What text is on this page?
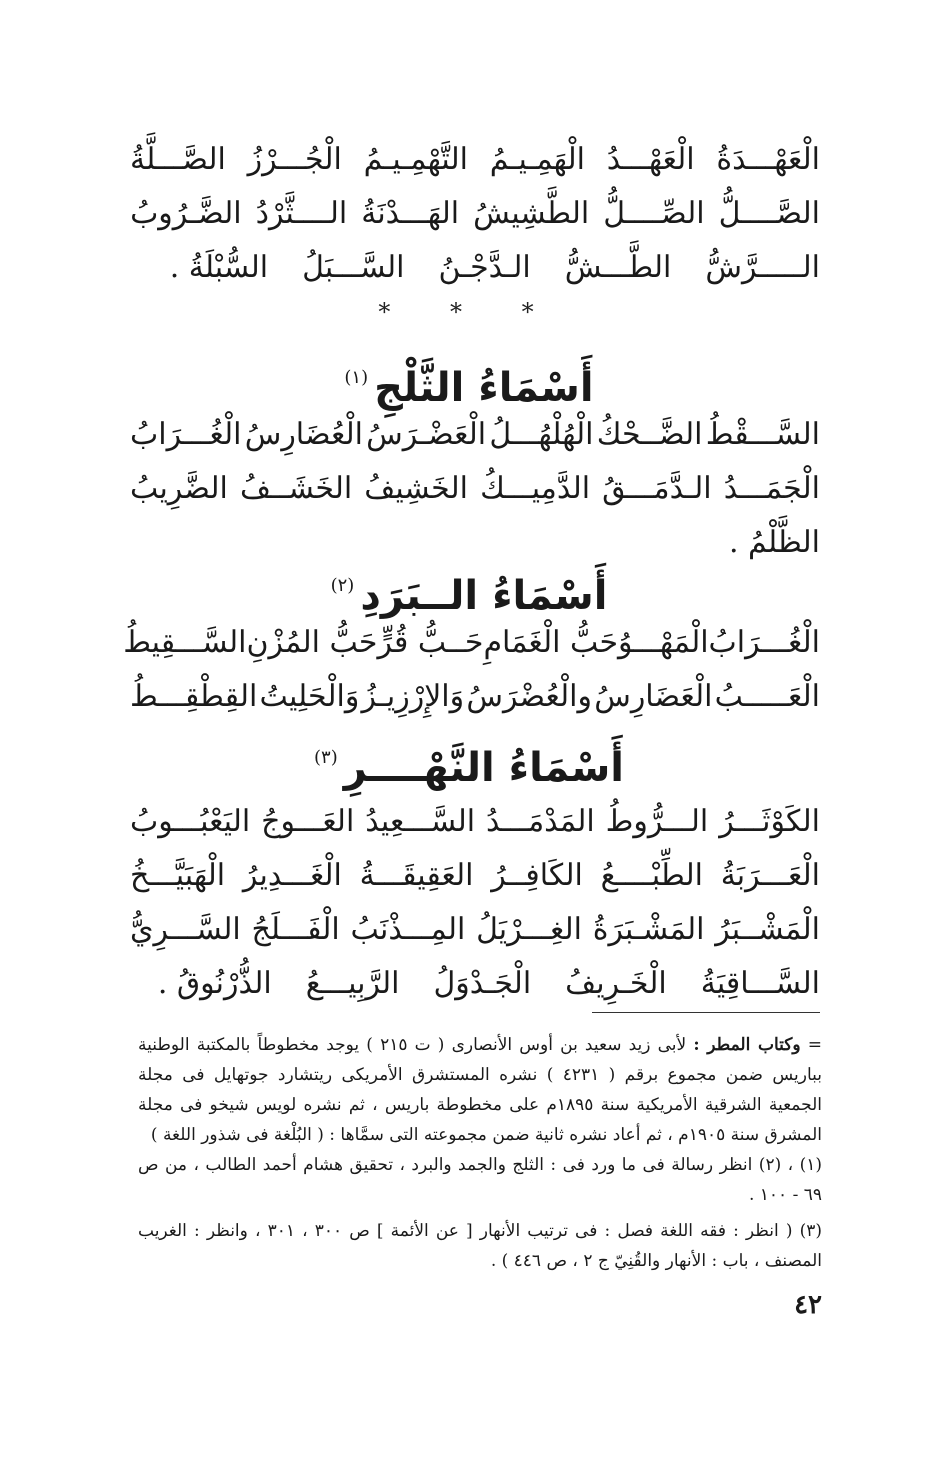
الْعَهْـــدَةُ
الْعَهْـــدُ
الْهَمِـيـمُ
التَّهْمِـيـمُ
الْجُـــرْزُ
الصَّـــلَّةُ
الصَّــــلُّ
الصِّــــلُّ
الطَّشِيشُ
الهَـــدْنَةُ
الــــثَّرْدُ
الضَّـرُوبُ
الـــــرَّشُّ
الطَّـــشُّ
الـدَّجْـنُ
السَّـــبَلُ
السُّبْلَةُ .
* * *
أَسْمَاءُ الثَّلْجِ$^{(١)}$
السَّـــقْطُ
الضَّــحْكُ
الْهُلْهُـــلُ
الْعَضْـرَسُ
الْعُضَارِسُ
الْغُـــرَابُ
الْجَمَـــدُ
الـدَّمَـــقُ
الدَّمِيـــكُ
الخَشِيفُ
الخَشَــفُ
الضَّرِيبُ
الظَّلْمُ .
أَسْمَاءُ الــبَرَدِ$^{(٢)}$
الْغُـــرَابُ
الْمَهْـــوُ
حَبُّ الْغَمَامِ
حَــبُّ قُرٍّ
حَبُّ المُزْنِ
السَّـــقِيطُ
الْعَـــــبُ
الْعَضَارِسُ
والْعُضْرَسُ
وَالإِرْزِيـزُ
وَالْحَلِيتُ
القِطْقِـــطُ
أَسْمَاءُ النَّهْــــرِ$^{(٣)}$
الكَوْثَـــرُ
الـــرُّوطُ
المَدْمَـــدُ
السَّـــعِيدُ
العَـــوجُ
اليَعْبُـــوبُ
الْعَـــرَبَةُ
الطِّبْــــعُ
الكَافِــرُ
العَقِيقَـــةُ
الْغَـــدِيرُ
الْهَبَيَّـــخُ
الْمَشْــبَرُ
المَشْـبَرَةُ
الغِـــرْيَلُ
المِـــذْنَبُ
الْفَـــلَجُ
السَّـــرِيُّ
السَّـــاقِيَةُ
الْخَـرِيفُ
الْجَـدْوَلُ
الرَّبِيـــعُ
الذُّرْنُوقُ .

= وكتاب المطر : لأبى زيد سعيد بن أوس الأنصارى ( ت ٢١٥ ) يوجد مخطوطاً بالمكتبة الوطنية بباريس ضمن مجموع برقم ( ٤٢٣١ ) نشره المستشرق الأمريكى ريتشارد جوتهايل فى مجلة الجمعية الشرقية الأمريكية سنة ١٨٩٥م على مخطوطة باريس ، ثم نشره لويس شيخو فى مجلة المشرق سنة ١٩٠٥م ، ثم أعاد نشره ثانية ضمن مجموعته التى سمَّاها : ( البُلْغة فى شذور اللغة )

(١) ، (٢) انظر رسالة فى ما ورد فى : الثلج والجمد والبرد ، تحقيق هشام أحمد الطالب ، من ص ٦٩ - ١٠٠ .

(٣) ( انظر : فقه اللغة فصل : فى ترتيب الأنهار [ عن الأئمة ] ص ٣٠٠ ، ٣٠١ ، وانظر : الغريب المصنف ، باب : الأنهار والقُنِيّ ج ٢ ، ص ٤٤٦ ) .

٤٢
